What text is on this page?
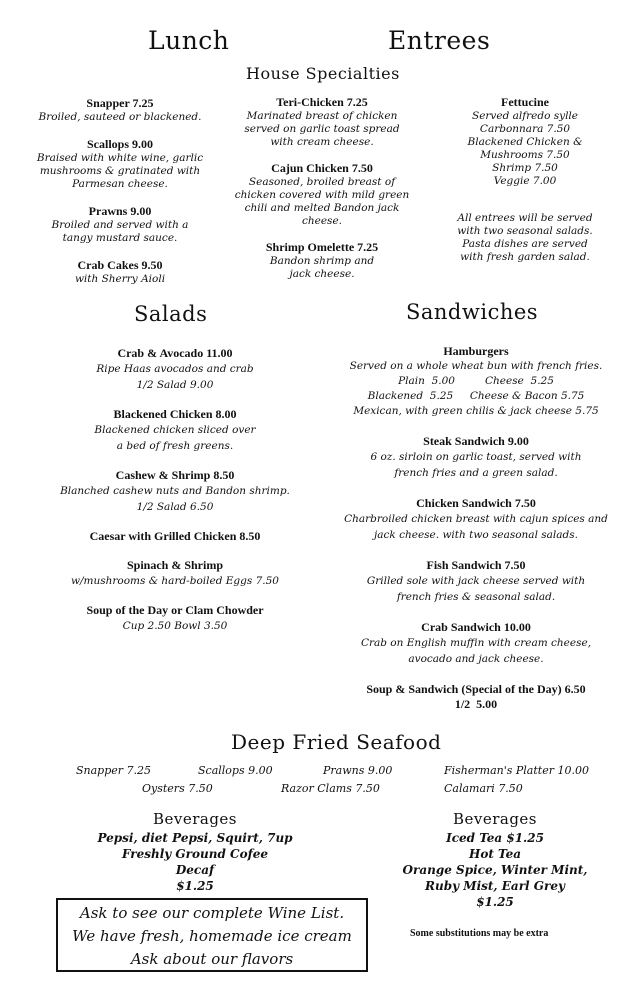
Lunch	Entrees
House Specialties
Snapper 7.25
Broiled, sauteed or blackened.
Scallops 9.00
Braised with white wine, garlic
mushrooms & gratinated with
Parmesan cheese.
Prawns 9.00
Broiled and served with a
tangy mustard sauce.
Crab Cakes 9.50
with Sherry Aioli
Teri-Chicken 7.25
Marinated breast of chicken
served on garlic toast spread
with cream cheese.
Cajun Chicken 7.50
Seasoned, broiled breast of
chicken covered with mild green
chili and melted Bandon jack
cheese.
Shrimp Omelette 7.25
Bandon shrimp and
jack cheese.
Fettucine
Served alfredo sylle
Carbonnara 7.50
Blackened Chicken &
Mushrooms 7.50
Shrimp 7.50
Veggie 7.00
All entrees will be served
with two seasonal salads.
Pasta dishes are served
with fresh garden salad.
Salads	Sandwiches
Crab & Avocado 11.00
Ripe Haas avocados and crab
1/2 Salad 9.00
Blackened Chicken 8.00
Blackened chicken sliced over
a bed of fresh greens.
Cashew & Shrimp 8.50
Blanched cashew nuts and Bandon shrimp.
1/2 Salad 6.50
Caesar with Grilled Chicken 8.50
Spinach & Shrimp
w/mushrooms & hard-boiled Eggs 7.50
Soup of the Day or Clam Chowder
Cup 2.50 Bowl 3.50
Hamburgers
Served on a whole wheat bun with french fries.
Plain  5.00         Cheese  5.25
Blackened  5.25     Cheese & Bacon 5.75
Mexican, with green chilis & jack cheese 5.75
Steak Sandwich 9.00
6 oz. sirloin on garlic toast, served with
french fries and a green salad.
Chicken Sandwich 7.50
Charbroiled chicken breast with cajun spices and
jack cheese. with two seasonal salads.
Fish Sandwich 7.50
Grilled sole with jack cheese served with
french fries & seasonal salad.
Crab Sandwich 10.00
Crab on English muffin with cream cheese,
avocado and jack cheese.
Soup & Sandwich (Special of the Day) 6.50
1/2  5.00
Deep Fried Seafood
Snapper 7.25	Scallops 9.00	Prawns 9.00	Fisherman's Platter 10.00
Oysters 7.50	Razor Clams 7.50	Calamari 7.50
Beverages
Pepsi, diet Pepsi, Squirt, 7up
Freshly Ground Cofee
Decaf
$1.25
Beverages
Iced Tea $1.25
Hot Tea
Orange Spice, Winter Mint,
Ruby Mist, Earl Grey
$1.25
Ask to see our complete Wine List.
We have fresh, homemade ice cream
Ask about our flavors
Some substitutions may be extra
